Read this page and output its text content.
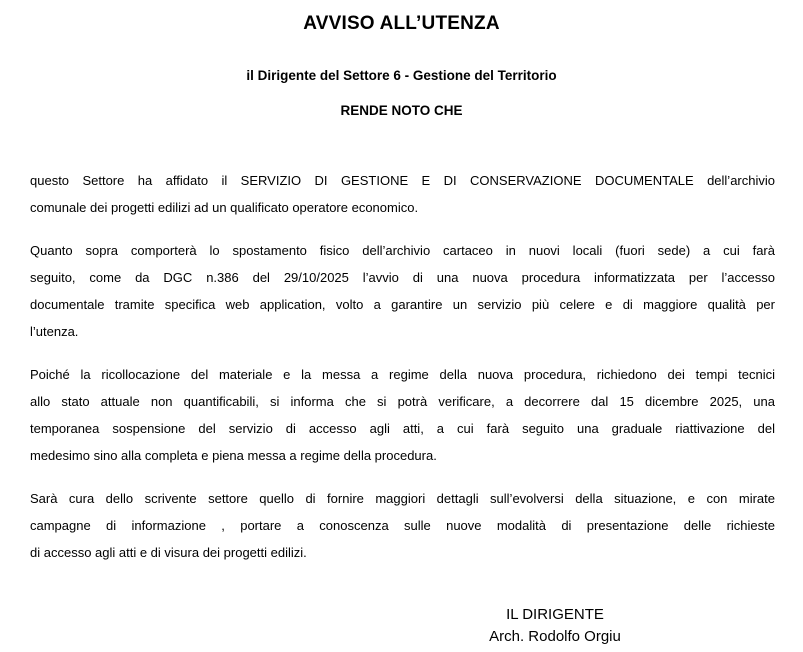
AVVISO ALL’UTENZA
il Dirigente del Settore 6 - Gestione del Territorio
RENDE NOTO CHE
questo Settore ha affidato il SERVIZIO DI GESTIONE E DI CONSERVAZIONE DOCUMENTALE dell’archivio
comunale dei progetti edilizi ad un qualificato operatore economico.
Quanto sopra comporterà lo spostamento fisico dell’archivio cartaceo in nuovi locali (fuori sede) a cui farà
seguito, come da DGC n.386 del 29/10/2025 l’avvio di una nuova procedura informatizzata per l’accesso
documentale tramite specifica web application, volto a garantire un servizio più celere e di maggiore qualità per
l’utenza.
Poiché la ricollocazione del materiale e la messa a regime della nuova procedura, richiedono dei tempi tecnici
allo stato attuale non quantificabili, si informa che si potrà verificare, a decorrere dal 15 dicembre 2025, una
temporanea sospensione del servizio di accesso agli atti, a cui farà seguito una graduale riattivazione del
medesimo sino alla completa e piena messa a regime della procedura.
Sarà cura dello scrivente settore quello di fornire maggiori dettagli sull’evolversi della situazione, e con mirate
campagne di informazione , portare a conoscenza sulle nuove modalità di presentazione delle richieste
di accesso agli atti e di visura dei progetti edilizi.
IL DIRIGENTE
Arch. Rodolfo Orgiu
